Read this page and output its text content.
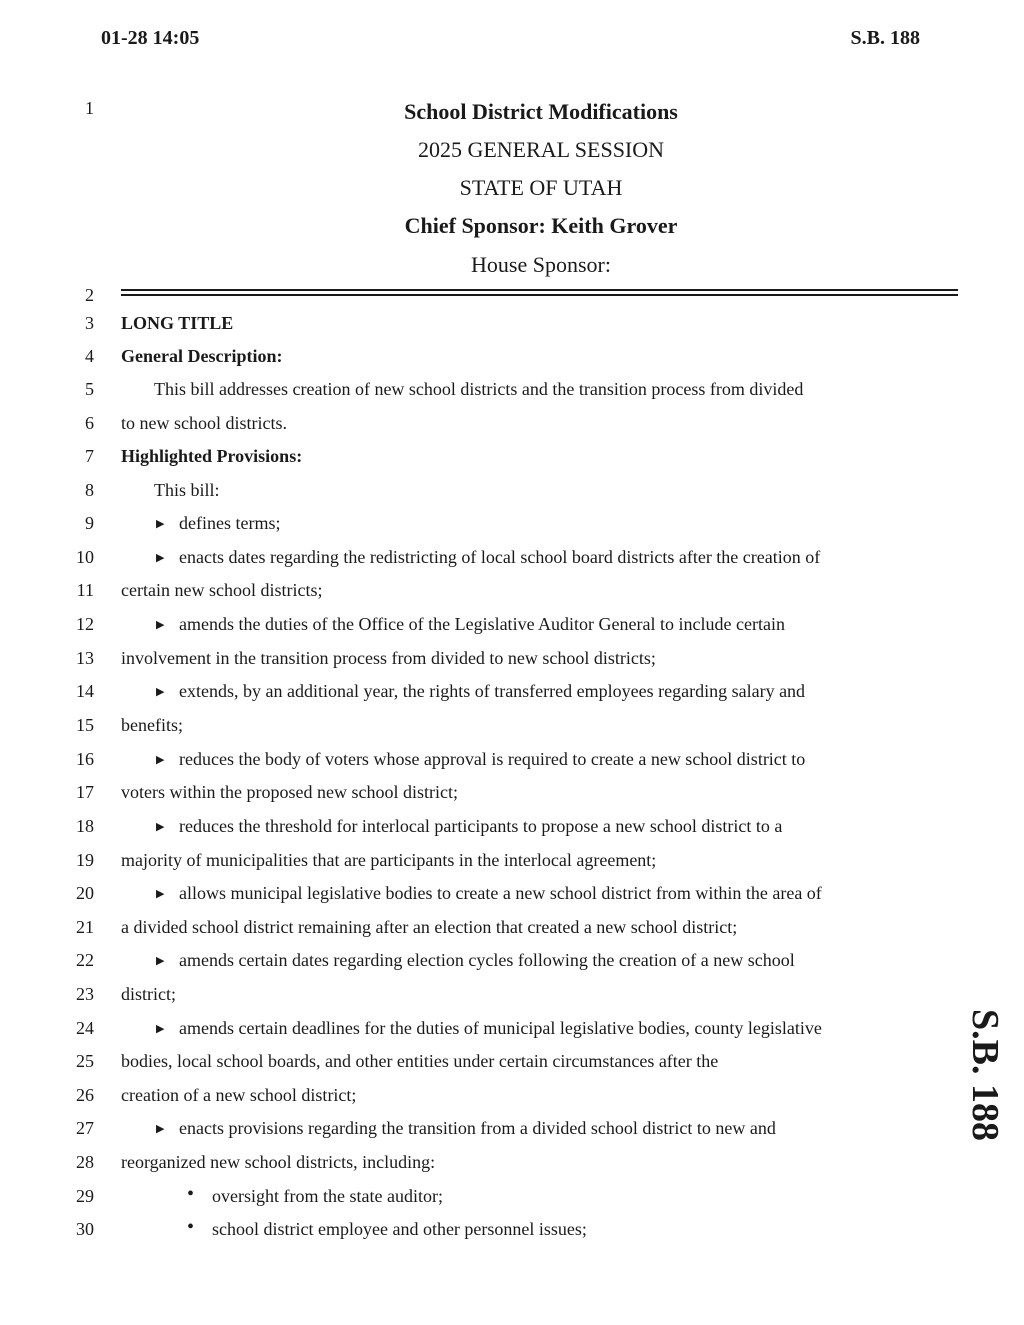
01-28 14:05	S.B. 188
1
2
3
4
5
6
7
8
9
10
11
12
13
14
15
16
17
18
19
20
21
22
23
24
25
26
27
28
29
30
School District Modifications
2025 GENERAL SESSION
STATE OF UTAH
Chief Sponsor: Keith Grover
House Sponsor:
LONG TITLE
General Description:
This bill addresses creation of new school districts and the transition process from divided
to new school districts.
Highlighted Provisions:
This bill:
▶ defines terms;
▶ enacts dates regarding the redistricting of local school board districts after the creation of
certain new school districts;
▶ amends the duties of the Office of the Legislative Auditor General to include certain
involvement in the transition process from divided to new school districts;
▶ extends, by an additional year, the rights of transferred employees regarding salary and
benefits;
▶ reduces the body of voters whose approval is required to create a new school district to
voters within the proposed new school district;
▶ reduces the threshold for interlocal participants to propose a new school district to a
majority of municipalities that are participants in the interlocal agreement;
▶ allows municipal legislative bodies to create a new school district from within the area of
a divided school district remaining after an election that created a new school district;
▶ amends certain dates regarding election cycles following the creation of a new school
district;
▶ amends certain deadlines for the duties of municipal legislative bodies, county legislative
bodies, local school boards, and other entities under certain circumstances after the
creation of a new school district;
▶ enacts provisions regarding the transition from a divided school district to new and
reorganized new school districts, including:
• oversight from the state auditor;
• school district employee and other personnel issues;
S.B. 188
